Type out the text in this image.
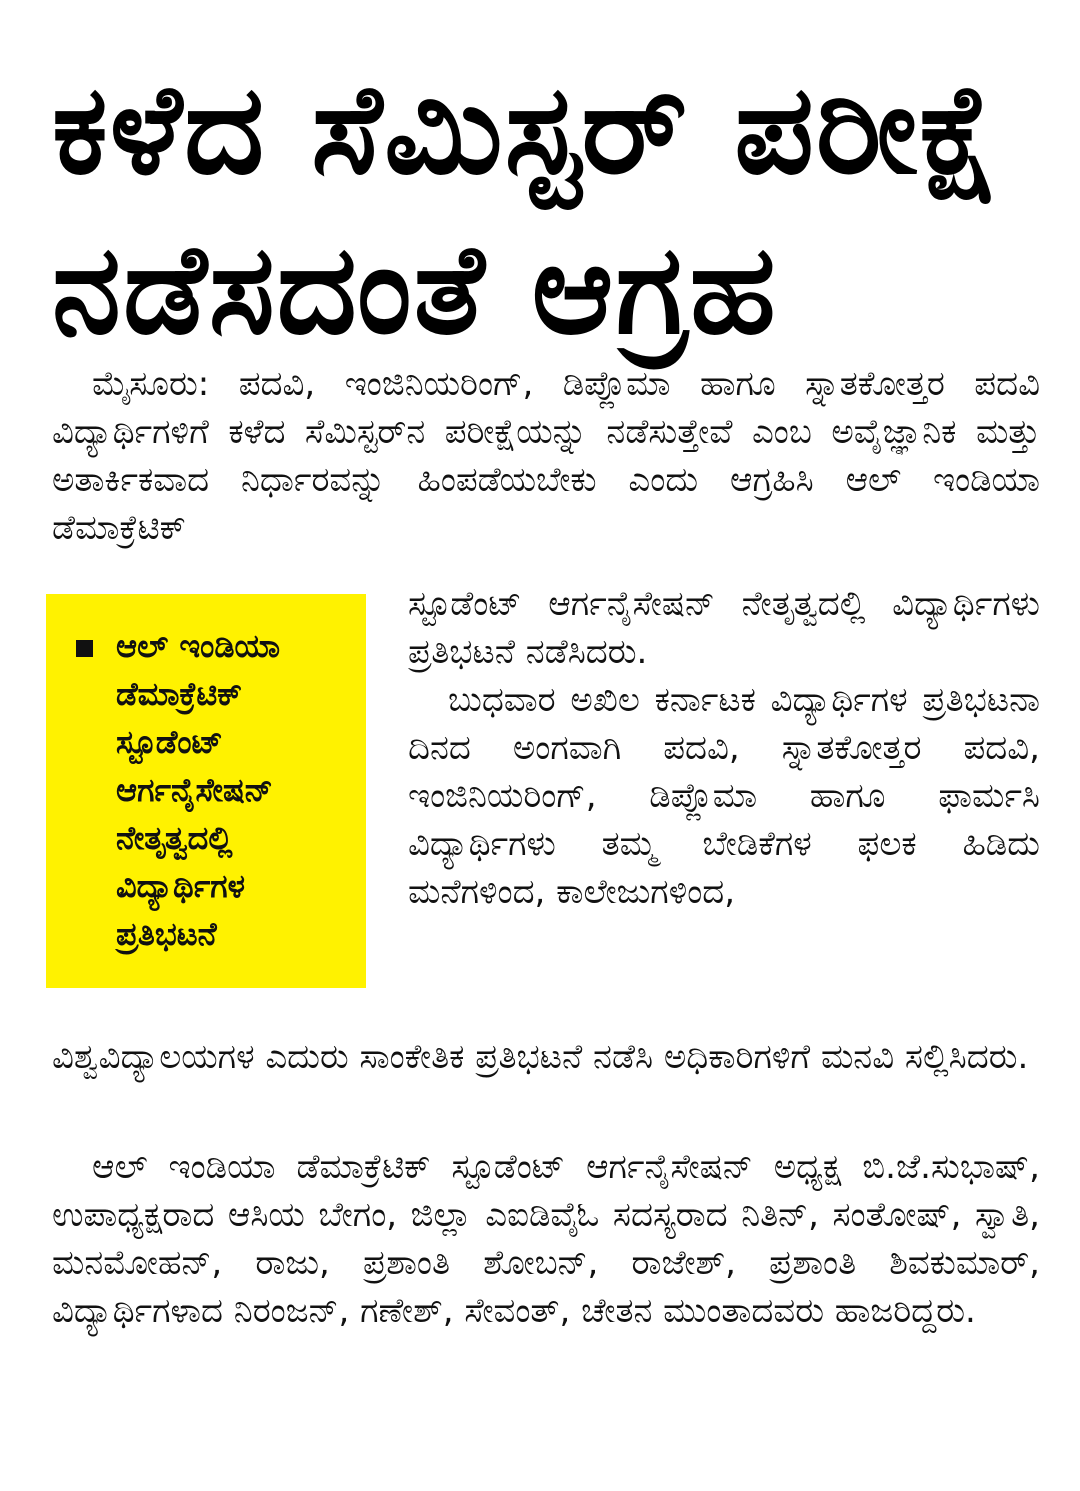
ಕಳೆದ ಸೆಮಿಸ್ಟರ್ ಪರೀಕ್ಷೆ
ನಡೆಸದಂತೆ ಆಗ್ರಹ

ಮೈಸೂರು: ಪದವಿ, ಇಂಜಿನಿಯರಿಂಗ್, ಡಿಪ್ಲೊಮಾ ಹಾಗೂ ಸ್ನಾತಕೋತ್ತರ ಪದವಿ ವಿದ್ಯಾರ್ಥಿಗಳಿಗೆ ಕಳೆದ ಸೆಮಿಸ್ಟರ್‌ನ ಪರೀಕ್ಷೆಯನ್ನು ನಡೆಸುತ್ತೇವೆ ಎಂಬ ಅವೈಜ್ಞಾನಿಕ ಮತ್ತು ಅತಾರ್ಕಿಕವಾದ ನಿರ್ಧಾರವನ್ನು ಹಿಂಪಡೆಯಬೇಕು ಎಂದು ಆಗ್ರಹಿಸಿ ಆಲ್ ಇಂಡಿಯಾ ಡೆಮಾಕ್ರೆಟಿಕ್

ಆಲ್ ಇಂಡಿಯಾ ಡೆಮಾಕ್ರೆಟಿಕ್ ಸ್ಟೂಡೆಂಟ್ ಆರ್ಗನೈಸೇಷನ್ ನೇತೃತ್ವದಲ್ಲಿ ವಿದ್ಯಾರ್ಥಿಗಳ ಪ್ರತಿಭಟನೆ

ಸ್ಟೂಡೆಂಟ್ ಆರ್ಗನೈಸೇಷನ್ ನೇತೃತ್ವದಲ್ಲಿ ವಿದ್ಯಾರ್ಥಿಗಳು ಪ್ರತಿಭಟನೆ ನಡೆಸಿದರು.

ಬುಧವಾರ ಅಖಿಲ ಕರ್ನಾಟಕ ವಿದ್ಯಾರ್ಥಿಗಳ ಪ್ರತಿಭಟನಾ ದಿನದ ಅಂಗವಾಗಿ ಪದವಿ, ಸ್ನಾತಕೋತ್ತರ ಪದವಿ, ಇಂಜಿನಿಯರಿಂಗ್, ಡಿಪ್ಲೊಮಾ ಹಾಗೂ ಫಾರ್ಮಸಿ ವಿದ್ಯಾರ್ಥಿಗಳು ತಮ್ಮ ಬೇಡಿಕೆಗಳ ಫಲಕ ಹಿಡಿದು ಮನೆಗಳಿಂದ, ಕಾಲೇಜುಗಳಿಂದ,

ವಿಶ್ವವಿದ್ಯಾಲಯಗಳ ಎದುರು ಸಾಂಕೇತಿಕ ಪ್ರತಿಭಟನೆ ನಡೆಸಿ ಅಧಿಕಾರಿಗಳಿಗೆ ಮನವಿ ಸಲ್ಲಿಸಿದರು.

ಆಲ್ ಇಂಡಿಯಾ ಡೆಮಾಕ್ರೆಟಿಕ್ ಸ್ಟೂಡೆಂಟ್ ಆರ್ಗನೈಸೇಷನ್ ಅಧ್ಯಕ್ಷ ಬಿ.ಜೆ.ಸುಭಾಷ್, ಉಪಾಧ್ಯಕ್ಷರಾದ ಆಸಿಯ ಬೇಗಂ, ಜಿಲ್ಲಾ ಎಐಡಿವೈಓ ಸದಸ್ಯರಾದ ನಿತಿನ್, ಸಂತೋಷ್, ಸ್ವಾತಿ, ಮನಮೋಹನ್, ರಾಜು, ಪ್ರಶಾಂತಿ ಶೋಬನ್, ರಾಜೇಶ್, ಪ್ರಶಾಂತಿ ಶಿವಕುಮಾರ್, ವಿದ್ಯಾರ್ಥಿಗಳಾದ ನಿರಂಜನ್, ಗಣೇಶ್, ಸೇವಂತ್, ಚೇತನ ಮುಂತಾದವರು ಹಾಜರಿದ್ದರು.
